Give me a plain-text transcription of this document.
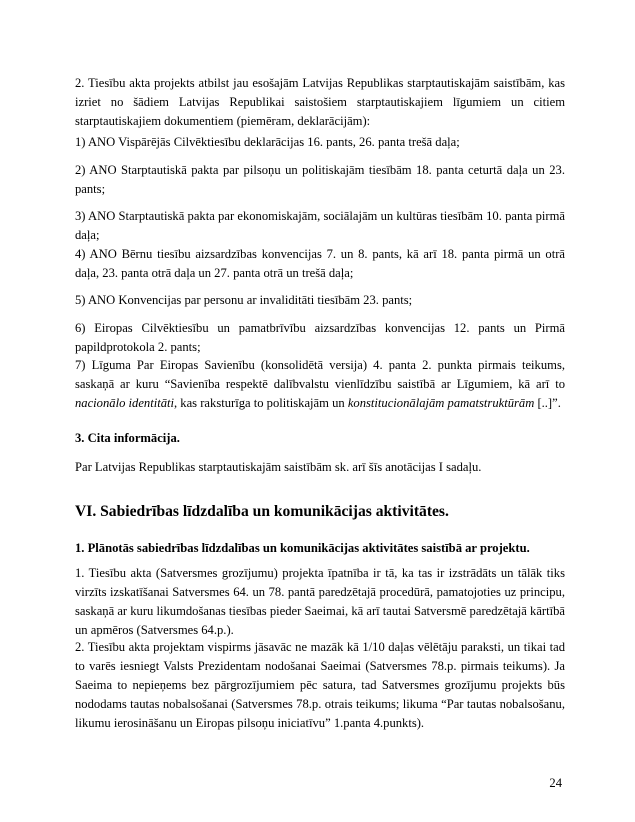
2. Tiesību akta projekts atbilst jau esošajām Latvijas Republikas starptautiskajām saistībām, kas izriet no šādiem Latvijas Republikai saistošiem starptautiskajiem līgumiem un citiem starptautiskajiem dokumentiem (piemēram, deklarācijām):

1) ANO Vispārējās Cilvēktiesību deklarācijas 16. pants, 26. panta trešā daļa;

2) ANO Starptautiskā pakta par pilsoņu un politiskajām tiesībām 18. panta ceturtā daļa un 23. pants;

3) ANO Starptautiskā pakta par ekonomiskajām, sociālajām un kultūras tiesībām 10. panta pirmā daļa;

4) ANO Bērnu tiesību aizsardzības konvencijas 7. un 8. pants, kā arī 18. panta pirmā un otrā daļa, 23. panta otrā daļa un 27. panta otrā un trešā daļa;

5) ANO Konvencijas par personu ar invaliditāti tiesībām 23. pants;

6) Eiropas Cilvēktiesību un pamatbrīvību aizsardzības konvencijas 12. pants un Pirmā papildprotokola 2. pants;

7) Līguma Par Eiropas Savienību (konsolidētā versija) 4. panta 2. punkta pirmais teikums, saskaņā ar kuru “Savienība respektē dalībvalstu vienlīdzību saistībā ar Līgumiem, kā arī to nacionālo identitāti, kas raksturīga to politiskajām un konstitucionālajām pamatstruktūrām [..]”.

3. Cita informācija.

Par Latvijas Republikas starptautiskajām saistībām sk. arī šīs anotācijas I sadaļu.

VI. Sabiedrības līdzdalība un komunikācijas aktivitātes.

1. Plānotās sabiedrības līdzdalības un komunikācijas aktivitātes saistībā ar projektu.

1. Tiesību akta (Satversmes grozījumu) projekta īpatnība ir tā, ka tas ir izstrādāts un tālāk tiks virzīts izskatīšanai Satversmes 64. un 78. pantā paredzētajā procedūrā, pamatojoties uz principu, saskaņā ar kuru likumdošanas tiesības pieder Saeimai, kā arī tautai Satversmē paredzētajā kārtībā un apmēros (Satversmes 64.p.).

2. Tiesību akta projektam vispirms jāsavāc ne mazāk kā 1/10 daļas vēlētāju paraksti, un tikai tad to varēs iesniegt Valsts Prezidentam nodošanai Saeimai (Satversmes 78.p. pirmais teikums). Ja Saeima to nepieņems bez pārgrozījumiem pēc satura, tad Satversmes grozījumu projekts būs nododams tautas nobalsošanai (Satversmes 78.p. otrais teikums; likuma “Par tautas nobalsošanu, likumu ierosināšanu un Eiropas pilsoņu iniciatīvu” 1.panta 4.punkts).

24
